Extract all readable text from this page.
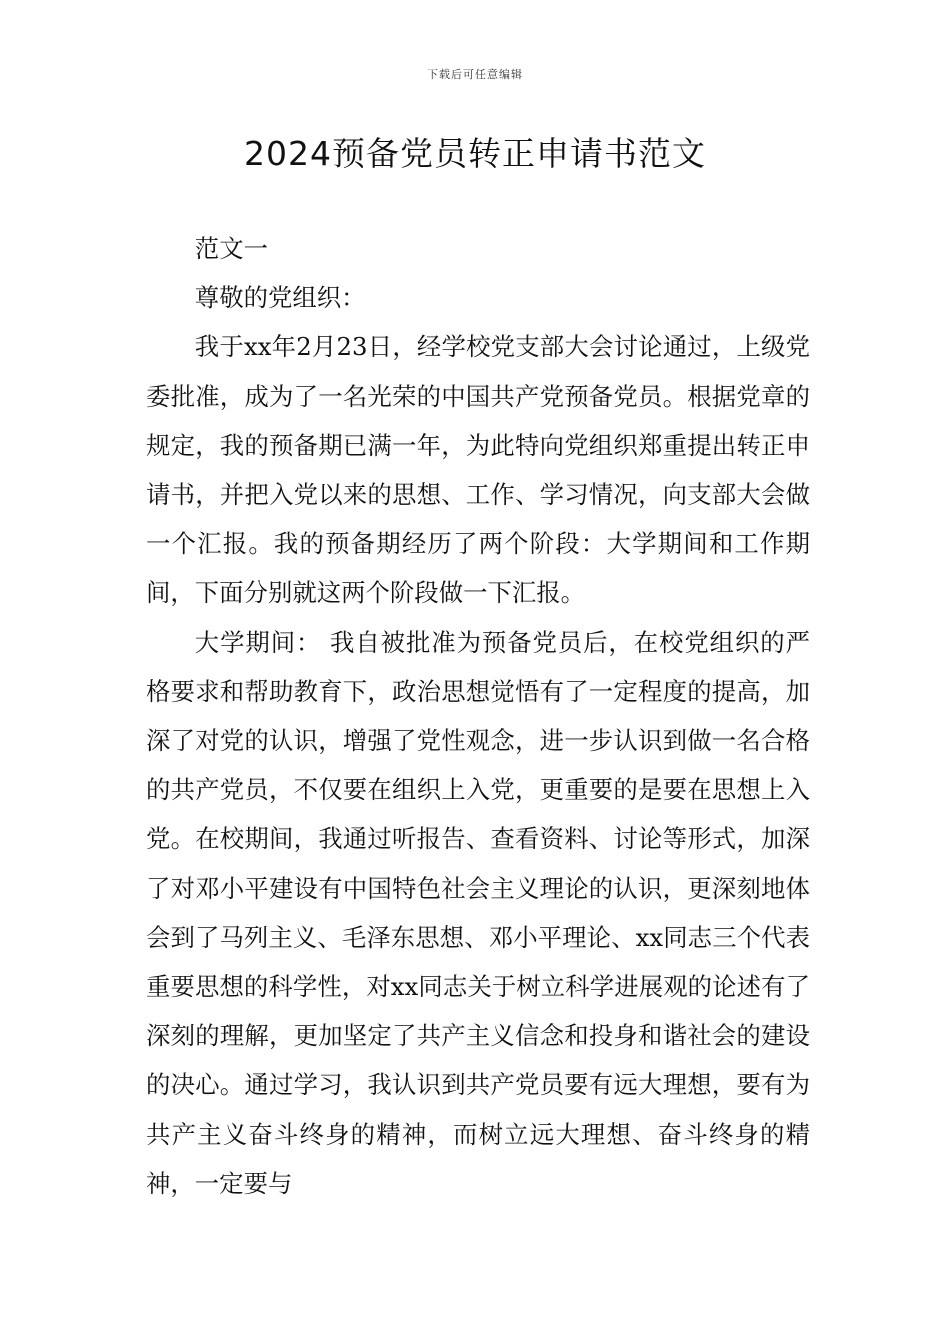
下载后可任意编辑
2024预备党员转正申请书范文

范文一

尊敬的党组织：

我于xx年2月23日，经学校党支部大会讨论通过，上级党委批准，成为了一名光荣的中国共产党预备党员。根据党章的规定，我的预备期已满一年，为此特向党组织郑重提出转正申请书，并把入党以来的思想、工作、学习情况，向支部大会做一个汇报。我的预备期经历了两个阶段：大学期间和工作期间，下面分别就这两个阶段做一下汇报。

大学期间： 我自被批准为预备党员后，在校党组织的严格要求和帮助教育下，政治思想觉悟有了一定程度的提高，加深了对党的认识，增强了党性观念，进一步认识到做一名合格的共产党员，不仅要在组织上入党，更重要的是要在思想上入党。在校期间，我通过听报告、查看资料、讨论等形式，加深了对邓小平建设有中国特色社会主义理论的认识，更深刻地体会到了马列主义、毛泽东思想、邓小平理论、xx同志三个代表重要思想的科学性，对xx同志关于树立科学进展观的论述有了深刻的理解，更加坚定了共产主义信念和投身和谐社会的建设的决心。通过学习，我认识到共产党员要有远大理想，要有为共产主义奋斗终身的精神，而树立远大理想、奋斗终身的精神，一定要与
